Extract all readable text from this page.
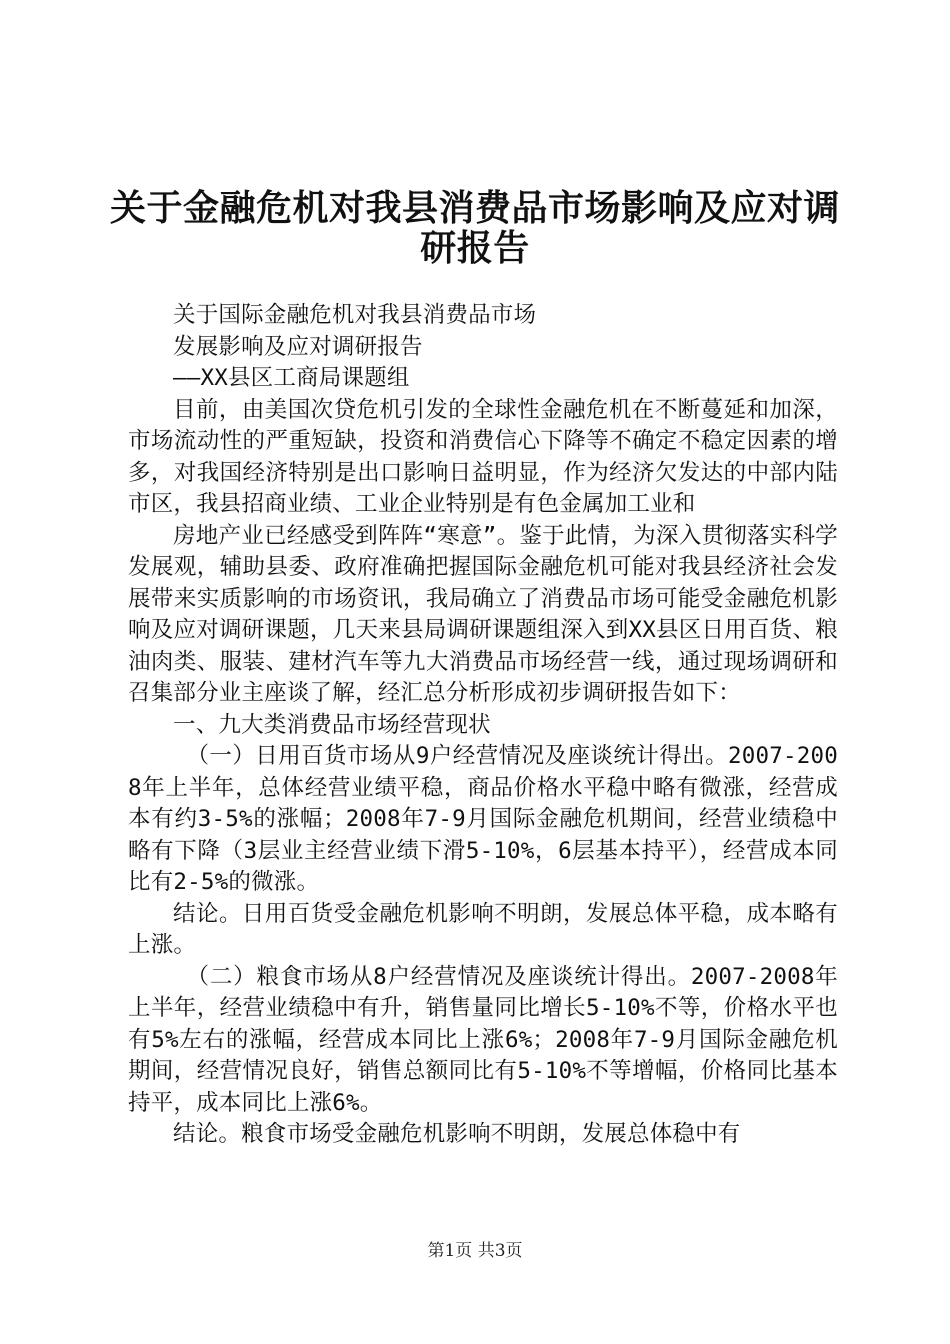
关于金融危机对我县消费品市场影响及应对调
研报告

关于国际金融危机对我县消费品市场

发展影响及应对调研报告

——XX县区工商局课题组

目前，由美国次贷危机引发的全球性金融危机在不断蔓延和加深，市场流动性的严重短缺，投资和消费信心下降等不确定不稳定因素的增多，对我国经济特别是出口影响日益明显，作为经济欠发达的中部内陆市区，我县招商业绩、工业企业特别是有色金属加工业和

房地产业已经感受到阵阵“寒意”。鉴于此情，为深入贯彻落实科学发展观，辅助县委、政府准确把握国际金融危机可能对我县经济社会发展带来实质影响的市场资讯，我局确立了消费品市场可能受金融危机影响及应对调研课题，几天来县局调研课题组深入到XX县区日用百货、粮油肉类、服装、建材汽车等九大消费品市场经营一线，通过现场调研和召集部分业主座谈了解，经汇总分析形成初步调研报告如下：

一、九大类消费品市场经营现状

（一）日用百货市场从9户经营情况及座谈统计得出。2007-2008年上半年，总体经营业绩平稳，商品价格水平稳中略有微涨，经营成本有约3-5%的涨幅；2008年7-9月国际金融危机期间，经营业绩稳中略有下降（3层业主经营业绩下滑5-10%，6层基本持平），经营成本同比有2-5%的微涨。

结论。日用百货受金融危机影响不明朗，发展总体平稳，成本略有上涨。

（二）粮食市场从8户经营情况及座谈统计得出。2007-2008年上半年，经营业绩稳中有升，销售量同比增长5-10%不等，价格水平也有5%左右的涨幅，经营成本同比上涨6%；2008年7-9月国际金融危机期间，经营情况良好，销售总额同比有5-10%不等增幅，价格同比基本持平，成本同比上涨6%。

结论。粮食市场受金融危机影响不明朗，发展总体稳中有

第1页 共3页
